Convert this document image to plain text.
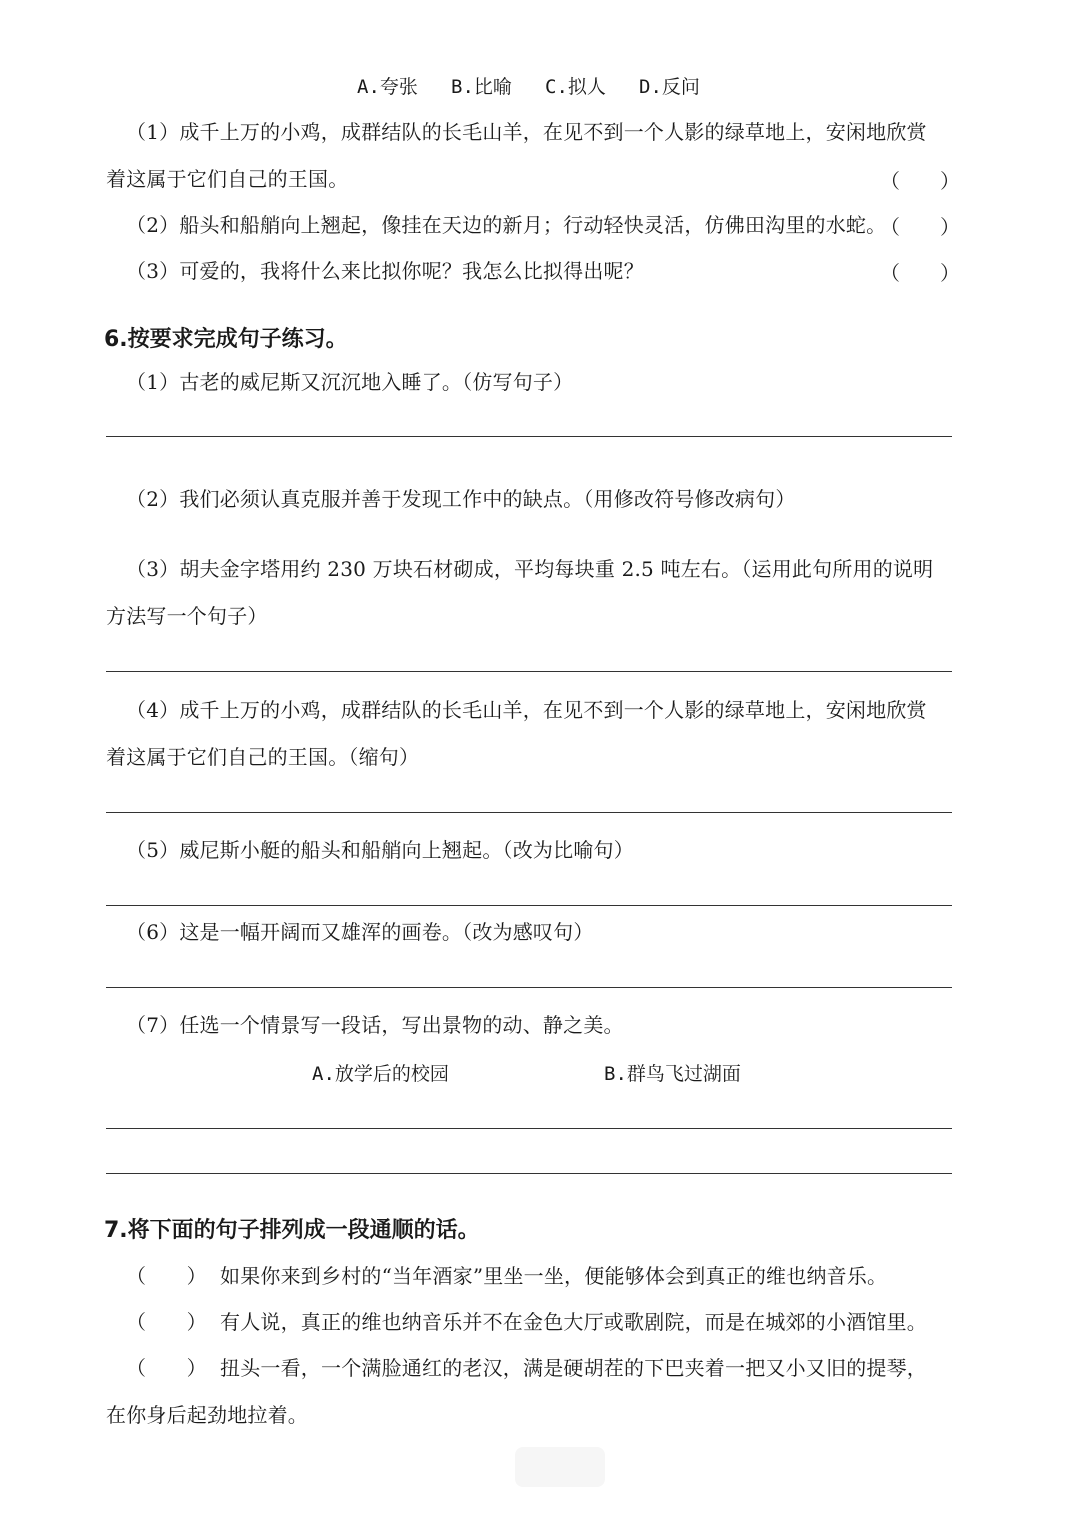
A.夸张 B.比喻 C.拟人 D.反问
（1）成千上万的小鸡，成群结队的长毛山羊，在见不到一个人影的绿草地上，安闲地欣赏
着这属于它们自己的王国。	（　　）
（2）船头和船艄向上翘起，像挂在天边的新月；行动轻快灵活，仿佛田沟里的水蛇。
（　　）
（3）可爱的，我将什么来比拟你呢？我怎么比拟得出呢？	（　　）
6.按要求完成句子练习。
（1）古老的威尼斯又沉沉地入睡了。（仿写句子）
（2）我们必须认真克服并善于发现工作中的缺点。（用修改符号修改病句）
（3）胡夫金字塔用约 230 万块石材砌成，平均每块重 2.5 吨左右。（运用此句所用的说明
方法写一个句子）
（4）成千上万的小鸡，成群结队的长毛山羊，在见不到一个人影的绿草地上，安闲地欣赏
着这属于它们自己的王国。（缩句）
（5）威尼斯小艇的船头和船艄向上翘起。（改为比喻句）
（6）这是一幅开阔而又雄浑的画卷。（改为感叹句）
（7）任选一个情景写一段话，写出景物的动、静之美。
A.放学后的校园	B.群鸟飞过湖面
7.将下面的句子排列成一段通顺的话。
（　　） 如果你来到乡村的“当年酒家”里坐一坐，便能够体会到真正的维也纳音乐。
（　　） 有人说，真正的维也纳音乐并不在金色大厅或歌剧院，而是在城郊的小酒馆里。
（　　） 扭头一看，一个满脸通红的老汉，满是硬胡茬的下巴夹着一把又小又旧的提琴，
在你身后起劲地拉着。
